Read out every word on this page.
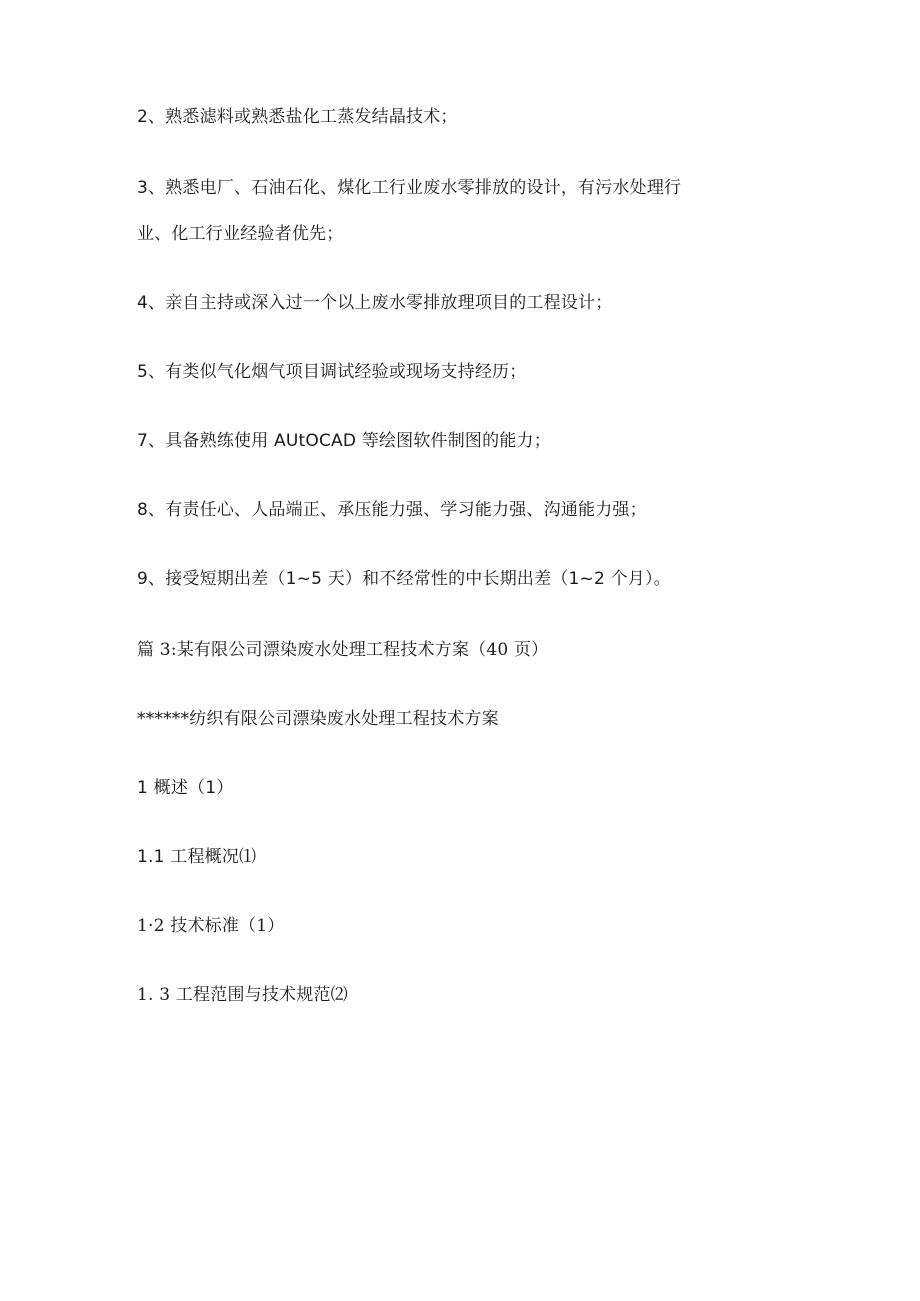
2、熟悉滤料或熟悉盐化工蒸发结晶技术；
3、熟悉电厂、石油石化、煤化工行业废水零排放的设计，有污水处理行
业、化工行业经验者优先；
4、亲自主持或深入过一个以上废水零排放理项目的工程设计；
5、有类似气化烟气项目调试经验或现场支持经历；
7、具备熟练使用 AUtOCAD 等绘图软件制图的能力；
8、有责任心、人品端正、承压能力强、学习能力强、沟通能力强；
9、接受短期出差（1~5 天）和不经常性的中长期出差（1~2 个月）。
篇 3:某有限公司漂染废水处理工程技术方案（40 页）
******纺织有限公司漂染废水处理工程技术方案
1 概述（1）
1.1 工程概况⑴
1·2 技术标准（1）
1. 3 工程范围与技术规范⑵
